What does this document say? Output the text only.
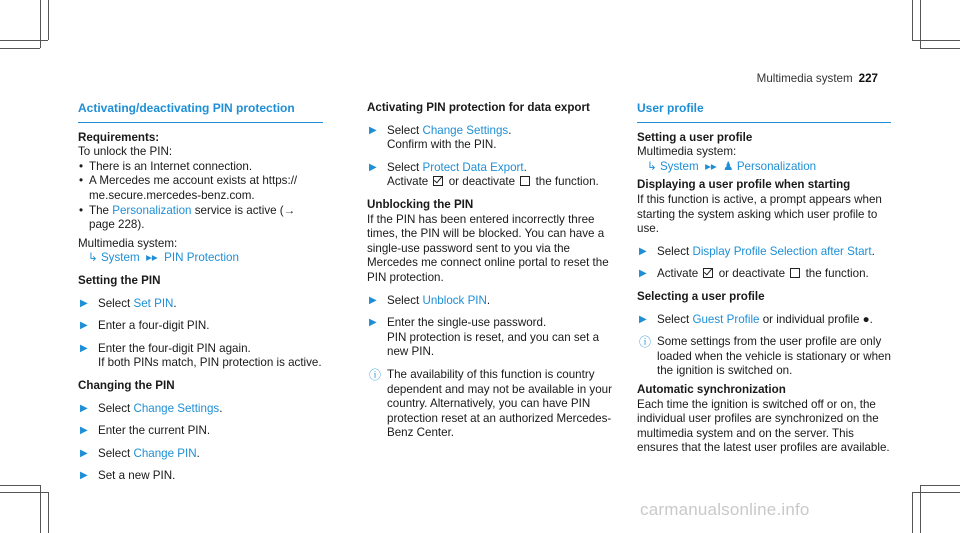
Multimedia system 227
Activating/deactivating PIN protection
Requirements:

To unlock the PIN:

• There is an Internet connection.
• A Mercedes me account exists at https:// me.secure.mercedes-benz.com.
• The Personalization service is active (→ page 228).

Multimedia system:

↳ System  ▸▸  PIN Protection

Setting the PIN
▶ Select Set PIN.
▶ Enter a four-digit PIN.
▶ Enter the four-digit PIN again.
If both PINs match, PIN protection is active.
Changing the PIN
▶ Select Change Settings.
▶ Enter the current PIN.
▶ Select Change PIN.
▶ Set a new PIN.
Activating PIN protection for data export
▶ Select Change Settings.
Confirm with the PIN.
▶ Select Protect Data Export.
Activate or deactivate the function.
Unblocking the PIN

If the PIN has been entered incorrectly three times, the PIN will be blocked. You can have a single-use password sent to you via the Mercedes me connect online portal to reset the PIN protection.

▶ Select Unblock PIN.
▶ Enter the single-use password.
PIN protection is reset, and you can set a new PIN.
ⓘ The availability of this function is country dependent and may not be available in your country. Alternatively, you can have PIN protection reset at an authorized Mercedes-Benz Center.
User profile
Setting a user profile

Multimedia system:

↳ System  ▸▸  ♟ Personalization

Displaying a user profile when starting

If this function is active, a prompt appears when starting the system asking which user profile to use.

▶ Select Display Profile Selection after Start.
▶ Activate or deactivate the function.
Selecting a user profile
▶ Select Guest Profile or individual profile ●.
ⓘ Some settings from the user profile are only loaded when the vehicle is stationary or when the ignition is switched on.
Automatic synchronization

Each time the ignition is switched off or on, the individual user profiles are synchronized on the multimedia system and on the server. This ensures that the latest user profiles are available.

carmanualsonline.info
